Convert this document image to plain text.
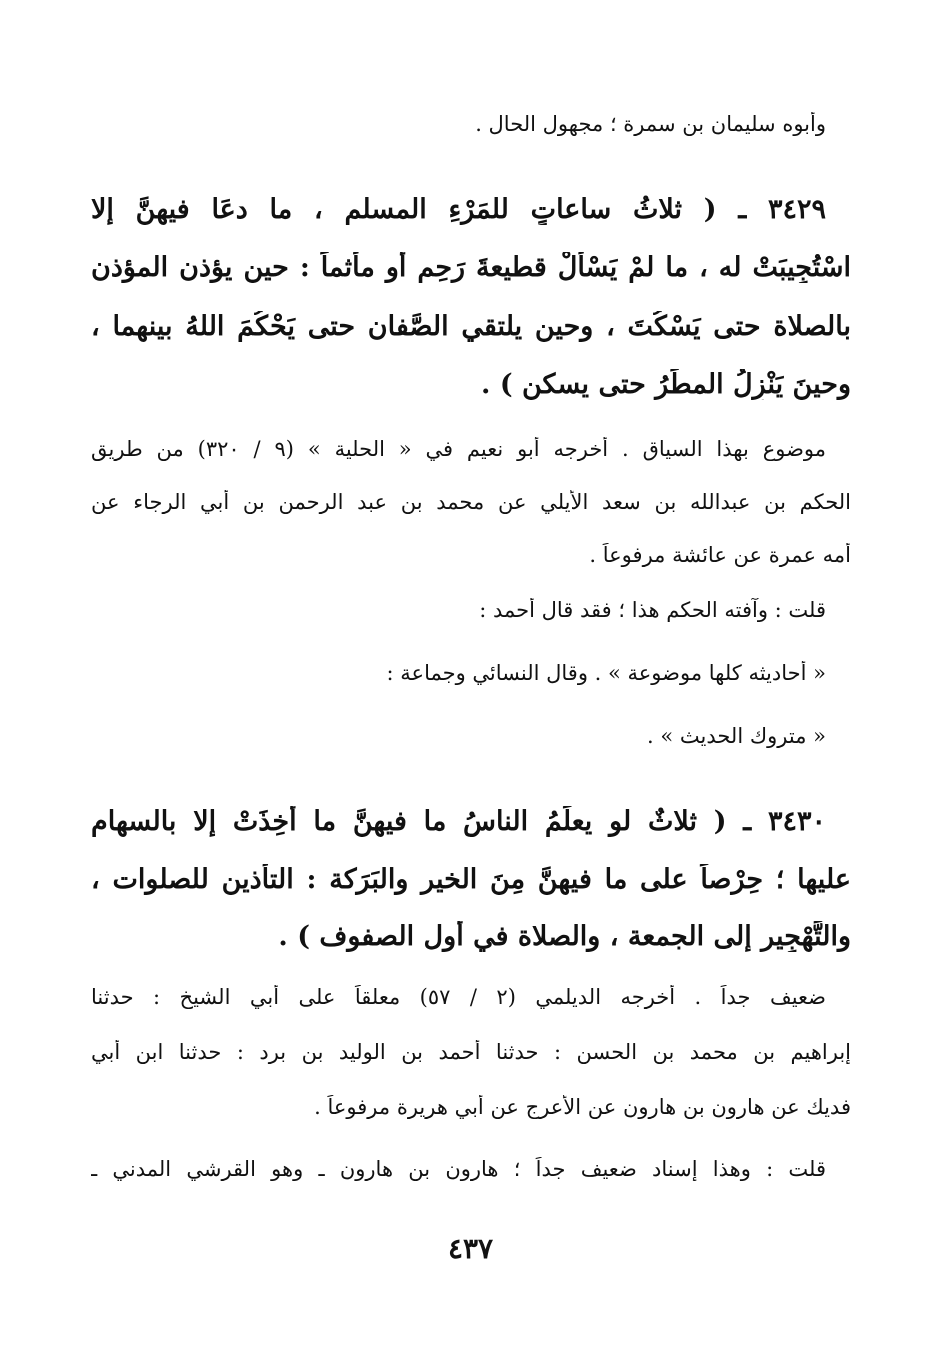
وأبوه سليمان بن سمرة ؛ مجهول الحال .
٣٤٢٩ ـ ( ثلاثُ ساعاتٍ للمَرْءِ المسلم ، ما دعَا فيهنَّ إلا
اسْتُجِيبَتْ له ، ما لمْ يَسْألْ قطيعةَ رَحِمٍ أو مأثماً : حين يؤذن المؤذن
بالصلاة حتى يَسْكُتَ ، وحين يلتقي الصَّفان حتى يَحْكُمَ اللهُ بينهما ،
وحينَ يَنْزِلُ المطَرُ حتى يسكن ) .
موضوع بهذا السياق . أخرجه أبو نعيم في « الحلية » (٩ / ٣٢٠) من طريق
الحكم بن عبدالله بن سعد الأيلي عن محمد بن عبد الرحمن بن أبي الرجاء عن
أمه عمرة عن عائشة مرفوعاً .
قلت : وآفته الحكم هذا ؛ فقد قال أحمد :
« أحاديثه كلها موضوعة » . وقال النسائي وجماعة :
« متروك الحديث » .
٣٤٣٠ ـ ( ثلاثٌ لو يعلَمُ الناسُ ما فيهنَّ ما أُخِذَتْ إلا بالسهام
عليها ؛ حِرْصاً على ما فيهنَّ مِنَ الخير والبَرَكة : التأذين للصلوات ،
والتَّهْجِير إلى الجمعة ، والصلاة في أول الصفوف ) .
ضعيف جداً . أخرجه الديلمي (٢ / ٥٧) معلقاً على أبي الشيخ : حدثنا
إبراهيم بن محمد بن الحسن : حدثنا أحمد بن الوليد بن برد : حدثنا ابن أبي
فديك عن هارون بن هارون عن الأعرج عن أبي هريرة مرفوعاً .
قلت : وهذا إسناد ضعيف جداً ؛ هارون بن هارون ـ وهو القرشي المدني ـ
٤٣٧
